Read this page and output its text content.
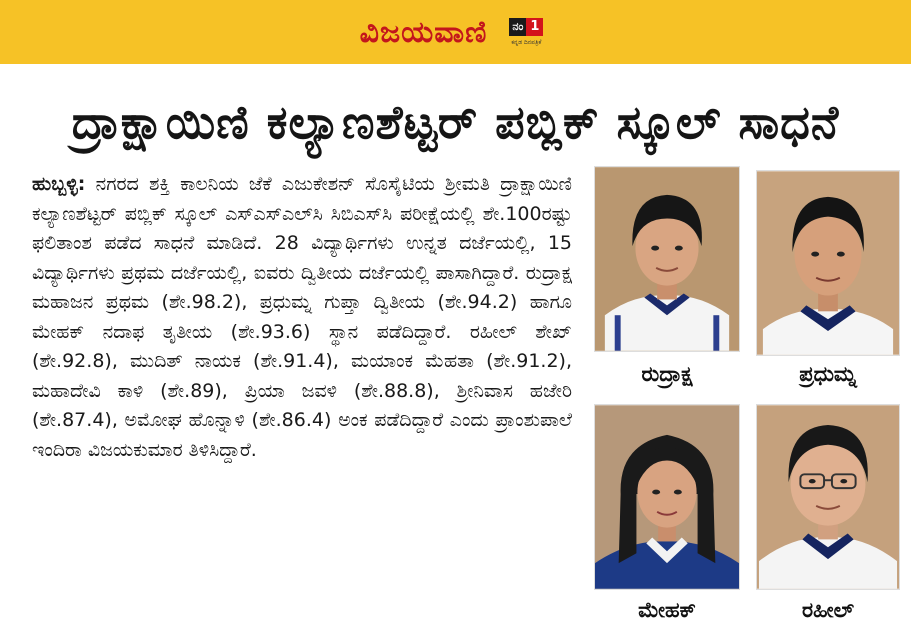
ವಿಜಯವಾಣಿ ನಂ 1
ಕನ್ನಡ ದಿನಪತ್ರಿಕೆ
ದ್ರಾಕ್ಷಾಯಿಣಿ ಕಲ್ಯಾಣಶೆಟ್ಟರ್ ಪಬ್ಲಿಕ್ ಸ್ಕೂಲ್ ಸಾಧನೆ

ಹುಬ್ಬಳ್ಳಿ: ನಗರದ ಶಕ್ತಿ ಕಾಲನಿಯ ಜೆಕೆ ಎಜುಕೇಶನ್ ಸೊಸೈಟಿಯ ಶ್ರೀಮತಿ ದ್ರಾಕ್ಷಾಯಿಣಿ ಕಲ್ಯಾಣಶೆಟ್ಟರ್ ಪಬ್ಲಿಕ್ ಸ್ಕೂಲ್ ಎಸ್‌ಎಸ್‌ಎಲ್‌ಸಿ ಸಿಬಿಎಸ್‌ಸಿ ಪರೀಕ್ಷೆಯಲ್ಲಿ ಶೇ.100ರಷ್ಟು ಫಲಿತಾಂಶ ಪಡೆದ ಸಾಧನೆ ಮಾಡಿದೆ. 28 ವಿದ್ಯಾರ್ಥಿಗಳು ಉನ್ನತ ದರ್ಜೆಯಲ್ಲಿ, 15 ವಿದ್ಯಾರ್ಥಿಗಳು ಪ್ರಥಮ ದರ್ಜೆಯಲ್ಲಿ, ಐವರು ದ್ವಿತೀಯ ದರ್ಜೆಯಲ್ಲಿ ಪಾಸಾಗಿದ್ದಾರೆ. ರುದ್ರಾಕ್ಷ ಮಹಾಜನ ಪ್ರಥಮ (ಶೇ.98.2), ಪ್ರಧುಮ್ನ ಗುಪ್ತಾ ದ್ವಿತೀಯ (ಶೇ.94.2) ಹಾಗೂ ಮೇಹಕ್ ನದಾಫ ತೃತೀಯ (ಶೇ.93.6) ಸ್ಥಾನ ಪಡೆದಿದ್ದಾರೆ. ರಹೀಲ್ ಶೇಖ್ (ಶೇ.92.8), ಮುದಿತ್ ನಾಯಕ (ಶೇ.91.4), ಮಯಾಂಕ ಮೆಹತಾ (ಶೇ.91.2), ಮಹಾದೇವಿ ಕಾಳಿ (ಶೇ.89), ಪ್ರಿಯಾ ಜವಳಿ (ಶೇ.88.8), ಶ್ರೀನಿವಾಸ ಹಜೇರಿ (ಶೇ.87.4), ಅಮೋಘ ಹೊನ್ನಾಳಿ (ಶೇ.86.4) ಅಂಕ ಪಡೆದಿದ್ದಾರೆ ಎಂದು ಪ್ರಾಂಶುಪಾಲೆ ಇಂದಿರಾ ವಿಜಯಕುಮಾರ ತಿಳಿಸಿದ್ದಾರೆ.

ರುದ್ರಾಕ್ಷ	ಪ್ರಧುಮ್ನ
ಮೇಹಕ್	ರಹೀಲ್
